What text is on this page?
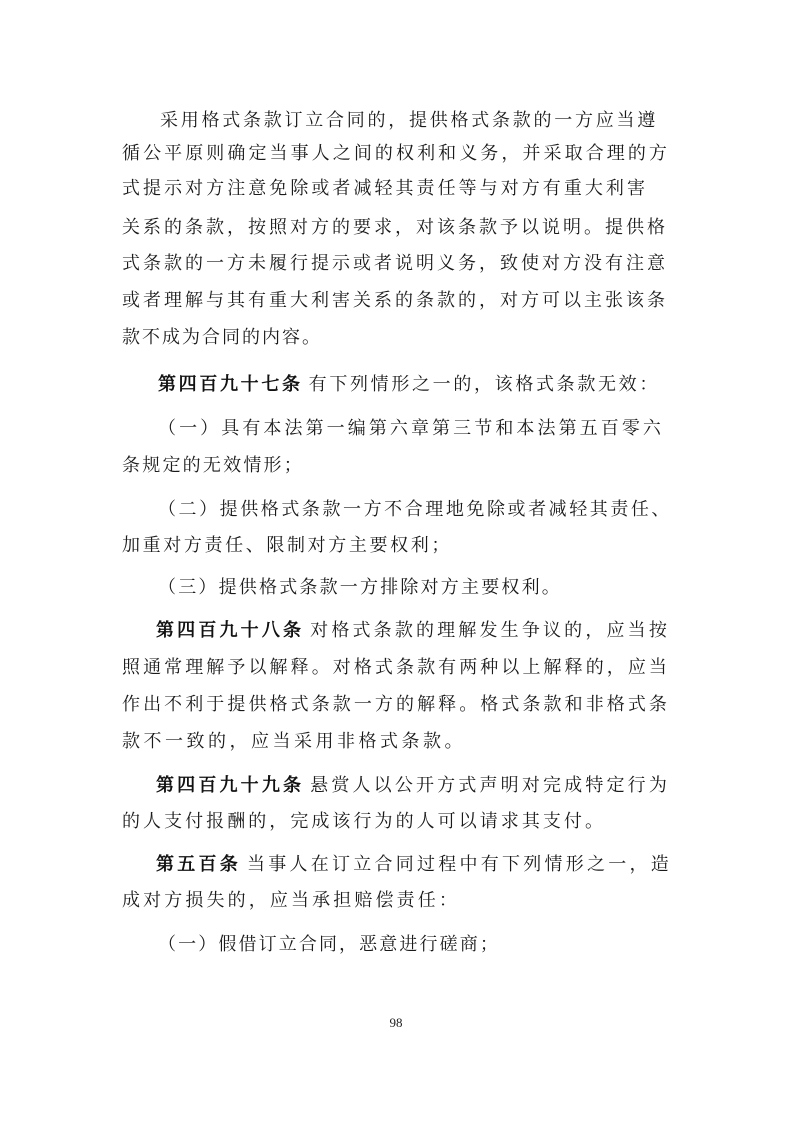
采用格式条款订立合同的，提供格式条款的一方应当遵
循公平原则确定当事人之间的权利和义务，并采取合理的方
式提示对方注意免除或者减轻其责任等与对方有重大利害
关系的条款，按照对方的要求，对该条款予以说明。提供格
式条款的一方未履行提示或者说明义务，致使对方没有注意
或者理解与其有重大利害关系的条款的，对方可以主张该条
款不成为合同的内容。
第四百九十七条 有下列情形之一的，该格式条款无效：
（一）具有本法第一编第六章第三节和本法第五百零六
条规定的无效情形；
（二）提供格式条款一方不合理地免除或者减轻其责任、
加重对方责任、限制对方主要权利；
（三）提供格式条款一方排除对方主要权利。
第四百九十八条 对格式条款的理解发生争议的，应当按
照通常理解予以解释。对格式条款有两种以上解释的，应当
作出不利于提供格式条款一方的解释。格式条款和非格式条
款不一致的，应当采用非格式条款。
第四百九十九条 悬赏人以公开方式声明对完成特定行为
的人支付报酬的，完成该行为的人可以请求其支付。
第五百条 当事人在订立合同过程中有下列情形之一，造
成对方损失的，应当承担赔偿责任：
（一）假借订立合同，恶意进行磋商；
98
